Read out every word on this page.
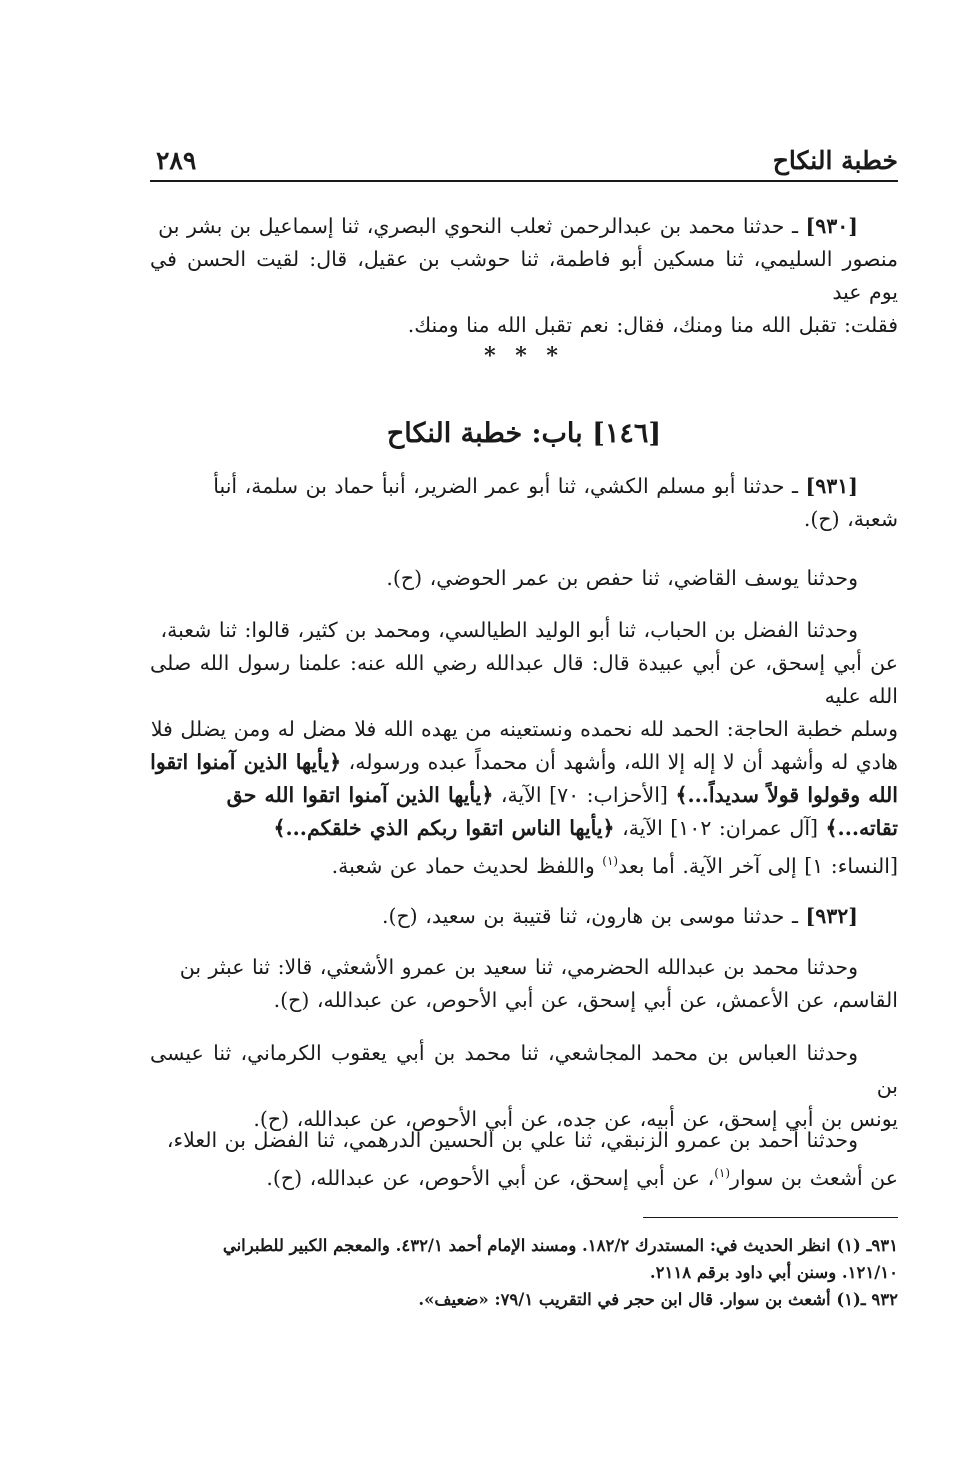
خطبة النكاح
٢٨٩

[٩٣٠] ـ حدثنا محمد بن عبدالرحمن ثعلب النحوي البصري، ثنا إسماعيل بن بشر بن

منصور السليمي، ثنا مسكين أبو فاطمة، ثنا حوشب بن عقيل، قال: لقيت الحسن في يوم عيد

فقلت: تقبل الله منا ومنك، فقال: نعم تقبل الله منا ومنك.

* * *
[١٤٦] باب: خطبة النكاح

[٩٣١] ـ حدثنا أبو مسلم الكشي، ثنا أبو عمر الضرير، أنبأ حماد بن سلمة، أنبأ

شعبة، (ح).

وحدثنا يوسف القاضي، ثنا حفص بن عمر الحوضي، (ح).

وحدثنا الفضل بن الحباب، ثنا أبو الوليد الطيالسي، ومحمد بن كثير، قالوا: ثنا شعبة،

عن أبي إسحق، عن أبي عبيدة قال: قال عبدالله رضي الله عنه: علمنا رسول الله صلى الله عليه

وسلم خطبة الحاجة: الحمد لله نحمده ونستعينه من يهده الله فلا مضل له ومن يضلل فلا

هادي له وأشهد أن لا إله إلا الله، وأشهد أن محمداً عبده ورسوله، ﴿يأيها الذين آمنوا اتقوا

الله وقولوا قولاً سديداً...﴾ [الأحزاب: ٧٠] الآية، ﴿يأيها الذين آمنوا اتقوا الله حق

تقاته...﴾ [آل عمران: ١٠٢] الآية، ﴿يأيها الناس اتقوا ربكم الذي خلقكم...﴾

[النساء: ١] إلى آخر الآية. أما بعد$^{(١)}$ واللفظ لحديث حماد عن شعبة.

[٩٣٢] ـ حدثنا موسى بن هارون، ثنا قتيبة بن سعيد، (ح).

وحدثنا محمد بن عبدالله الحضرمي، ثنا سعيد بن عمرو الأشعثي، قالا: ثنا عبثر بن

القاسم، عن الأعمش، عن أبي إسحق، عن أبي الأحوص، عن عبدالله، (ح).

وحدثنا العباس بن محمد المجاشعي، ثنا محمد بن أبي يعقوب الكرماني، ثنا عيسى بن

يونس بن أبي إسحق، عن أبيه، عن جده، عن أبي الأحوص، عن عبدالله، (ح).

وحدثنا أحمد بن عمرو الزنبقي، ثنا علي بن الحسين الدرهمي، ثنا الفضل بن العلاء،

عن أشعث بن سوار$^{(١)}$، عن أبي إسحق، عن أبي الأحوص، عن عبدالله، (ح).

٩٣١ـ (١) انظر الحديث في: المستدرك ١٨٢/٢. ومسند الإمام أحمد ٤٣٢/١. والمعجم الكبير للطبراني

١٢١/١٠. وسنن أبي داود برقم ٢١١٨.

٩٣٢ ـ(١) أشعث بن سوار. قال ابن حجر في التقريب ٧٩/١: «ضعيف».
